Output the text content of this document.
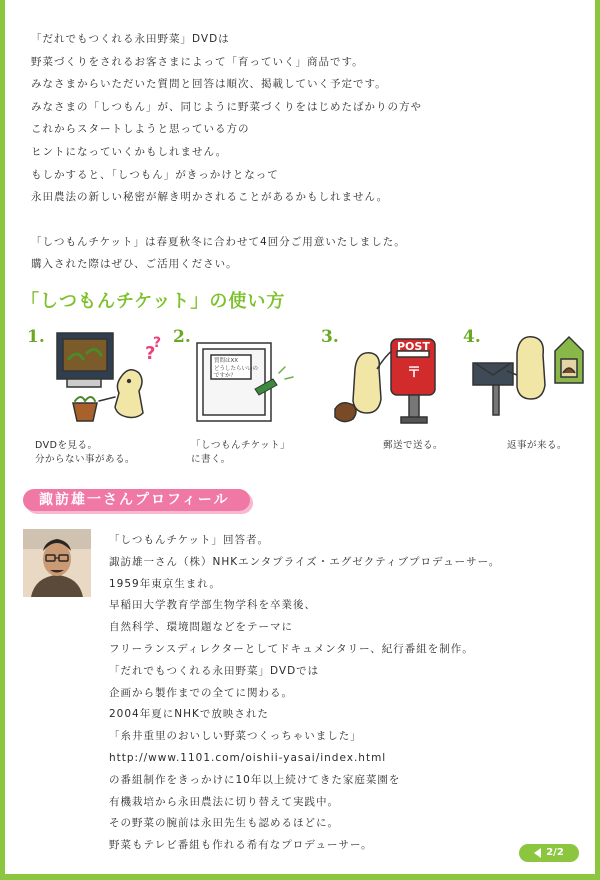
「だれでもつくれる永田野菜」DVDは

野菜づくりをされるお客さまによって「育っていく」商品です。

みなさまからいただいた質問と回答は順次、掲載していく予定です。

みなさまの「しつもん」が、同じように野菜づくりをはじめたばかりの方や

これからスタートしようと思っている方の

ヒントになっていくかもしれません。

もしかすると、「しつもん」がきっかけとなって

永田農法の新しい秘密が解き明かされることがあるかもしれません。

「しつもんチケット」は春夏秋冬に合わせて4回分ご用意いたしました。

購入された際はぜひ、ご活用ください。

「しつもんチケット」の使い方
1.
?
?
DVDを見る。
分からない事がある。
2.
質問はXX どうしたらいいの ですか？
「しつもんチケット」
に書く。
3.	POST
〒
郵送で送る。
4.
返事が来る。
諏訪雄一さんプロフィール

「しつもんチケット」回答者。

諏訪雄一さん（株）NHKエンタプライズ・エグゼクティブプロデューサー。

1959年東京生まれ。

早稲田大学教育学部生物学科を卒業後、

自然科学、環境問題などをテーマに

フリーランスディレクターとしてドキュメンタリー、紀行番組を制作。

「だれでもつくれる永田野菜」DVDでは

企画から製作までの全てに関わる。

2004年夏にNHKで放映された

「糸井重里のおいしい野菜つくっちゃいました」

http://www.1101.com/oishii-yasai/index.html

の番組制作をきっかけに10年以上続けてきた家庭菜園を

有機栽培から永田農法に切り替えて実践中。

その野菜の腕前は永田先生も認めるほどに。

野菜もテレビ番組も作れる希有なプロデューサー。

2/2
